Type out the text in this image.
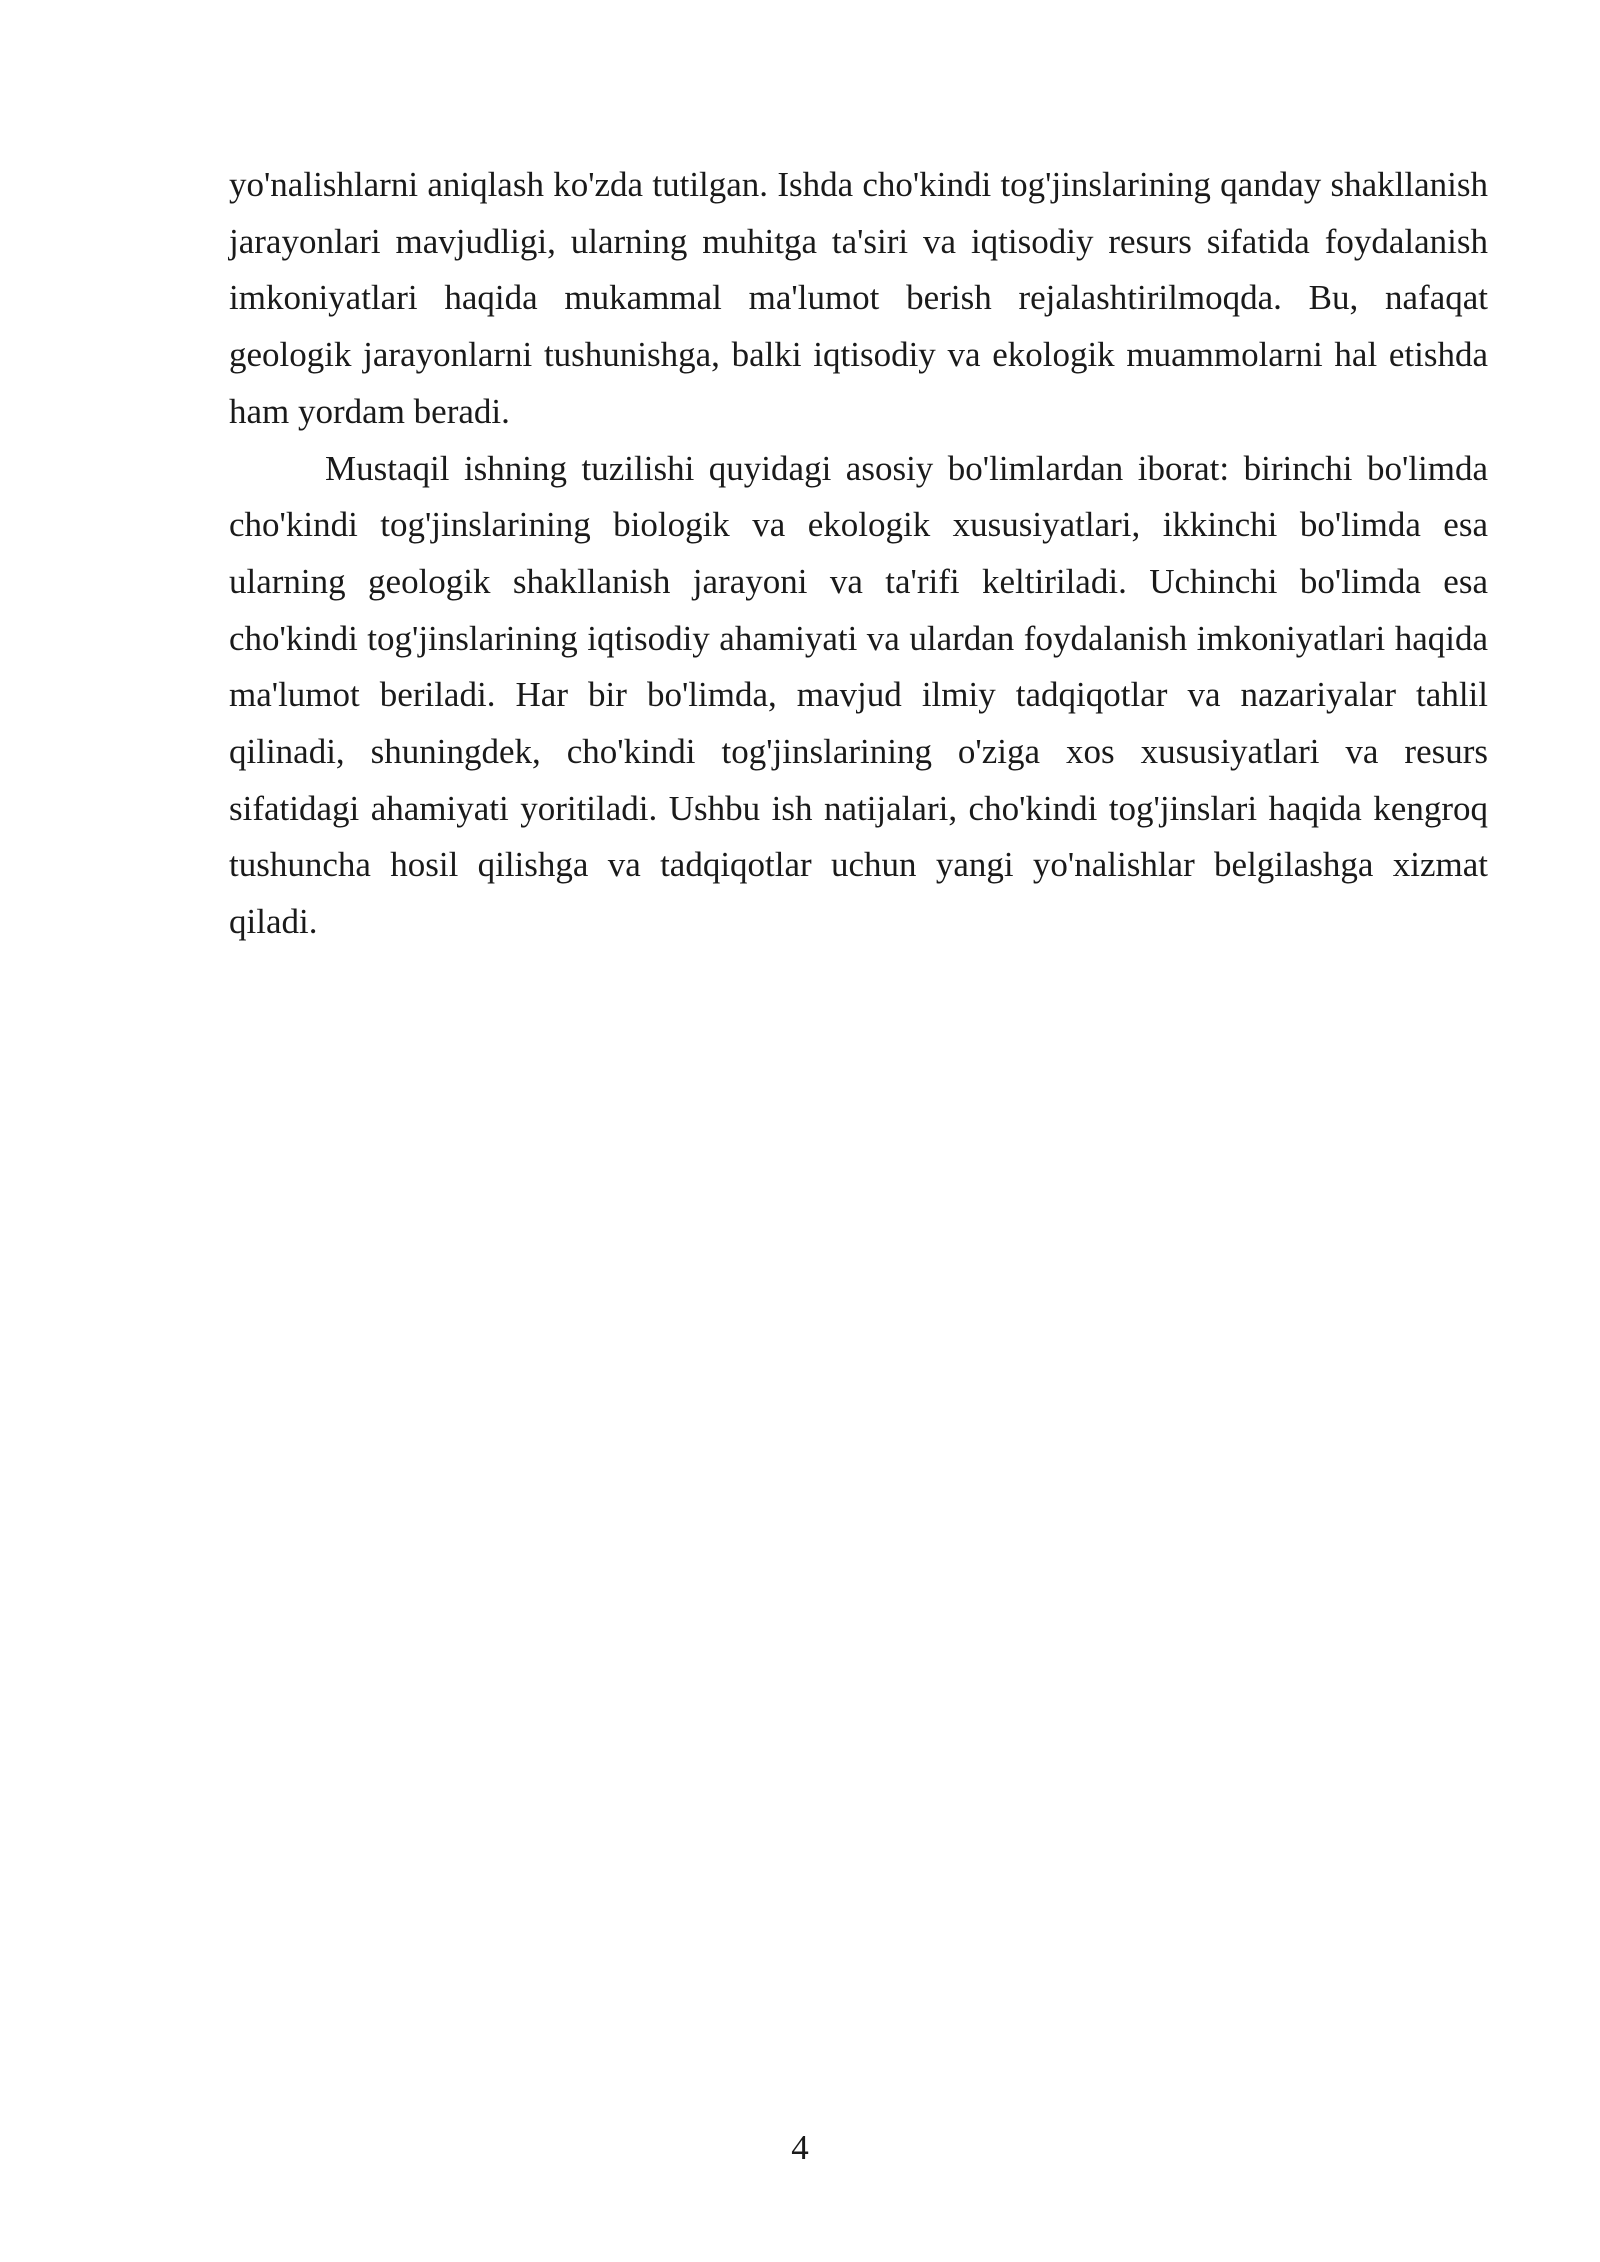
yo'nalishlarni aniqlash ko'zda tutilgan. Ishda cho'kindi tog'jinslarining qanday shakllanish jarayonlari mavjudligi, ularning muhitga ta'siri va iqtisodiy resurs sifatida foydalanish imkoniyatlari haqida mukammal ma'lumot berish rejalashtirilmoqda. Bu, nafaqat geologik jarayonlarni tushunishga, balki iqtisodiy va ekologik muammolarni hal etishda ham yordam beradi.

Mustaqil ishning tuzilishi quyidagi asosiy bo'limlardan iborat: birinchi bo'limda cho'kindi tog'jinslarining biologik va ekologik xususiyatlari, ikkinchi bo'limda esa ularning geologik shakllanish jarayoni va ta'rifi keltiriladi. Uchinchi bo'limda esa cho'kindi tog'jinslarining iqtisodiy ahamiyati va ulardan foydalanish imkoniyatlari haqida ma'lumot beriladi. Har bir bo'limda, mavjud ilmiy tadqiqotlar va nazariyalar tahlil qilinadi, shuningdek, cho'kindi tog'jinslarining o'ziga xos xususiyatlari va resurs sifatidagi ahamiyati yoritiladi. Ushbu ish natijalari, cho'kindi tog'jinslari haqida kengroq tushuncha hosil qilishga va tadqiqotlar uchun yangi yo'nalishlar belgilashga xizmat qiladi.

4
